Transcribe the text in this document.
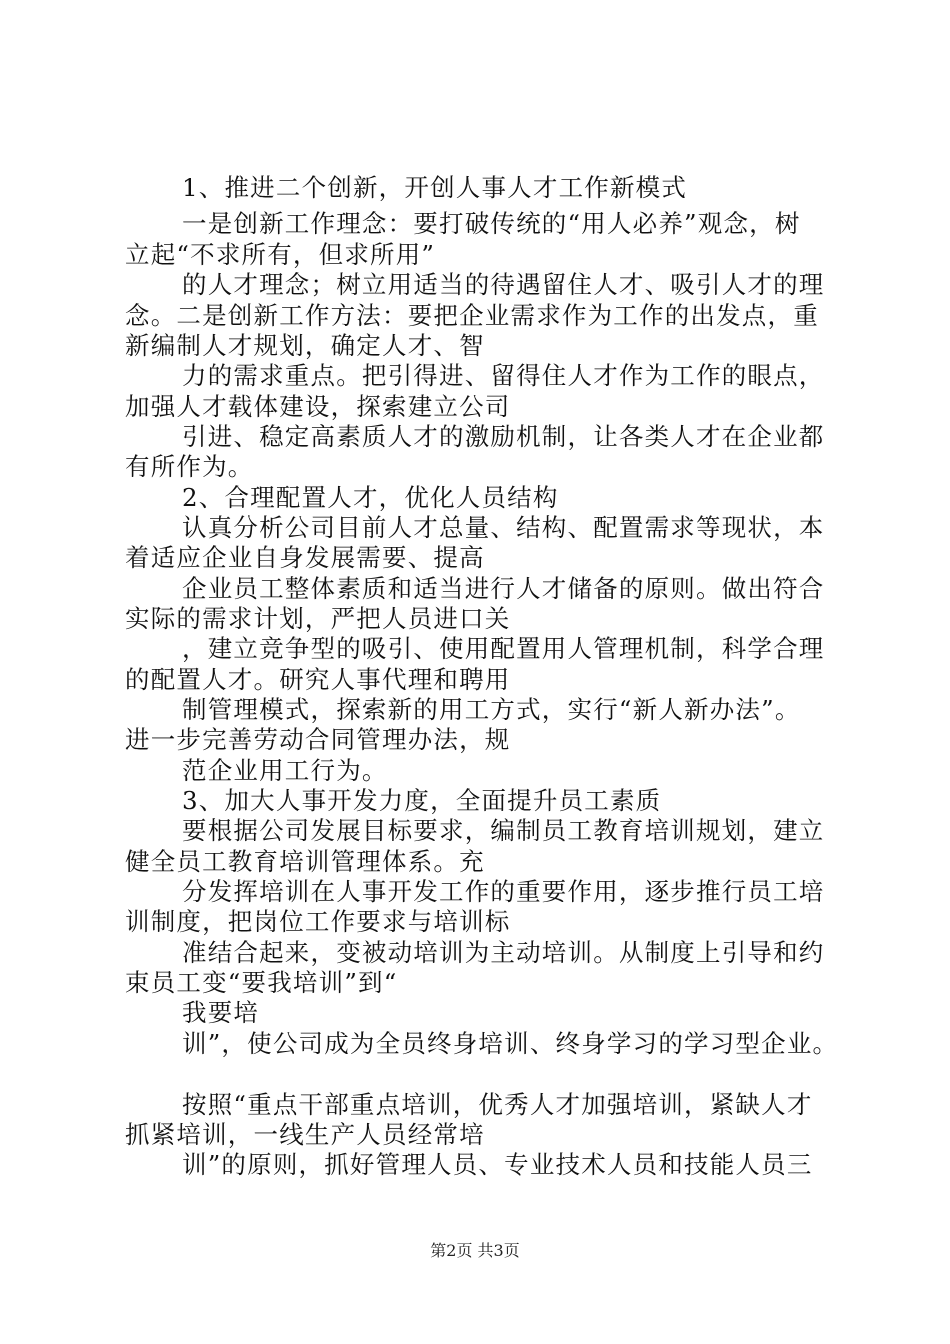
1、推进二个创新，开创人事人才工作新模式
一是创新工作理念：要打破传统的“用人必养”观念，树
立起“不求所有，但求所用”
的人才理念；树立用适当的待遇留住人才、吸引人才的理
念。二是创新工作方法：要把企业需求作为工作的出发点，重
新编制人才规划，确定人才、智
力的需求重点。把引得进、留得住人才作为工作的眼点，
加强人才载体建设，探索建立公司
引进、稳定高素质人才的激励机制，让各类人才在企业都
有所作为。
2、合理配置人才，优化人员结构
认真分析公司目前人才总量、结构、配置需求等现状，本
着适应企业自身发展需要、提高
企业员工整体素质和适当进行人才储备的原则。做出符合
实际的需求计划，严把人员进口关
，建立竞争型的吸引、使用配置用人管理机制，科学合理
的配置人才。研究人事代理和聘用
制管理模式，探索新的用工方式，实行“新人新办法”。
进一步完善劳动合同管理办法，规
范企业用工行为。
3、加大人事开发力度，全面提升员工素质
要根据公司发展目标要求，编制员工教育培训规划，建立
健全员工教育培训管理体系。充
分发挥培训在人事开发工作的重要作用，逐步推行员工培
训制度，把岗位工作要求与培训标
准结合起来，变被动培训为主动培训。从制度上引导和约
束员工变“要我培训”到“
我要培
训”，使公司成为全员终身培训、终身学习的学习型企业。
按照“重点干部重点培训，优秀人才加强培训，紧缺人才
抓紧培训，一线生产人员经常培
训”的原则，抓好管理人员、专业技术人员和技能人员三
第2页 共3页
